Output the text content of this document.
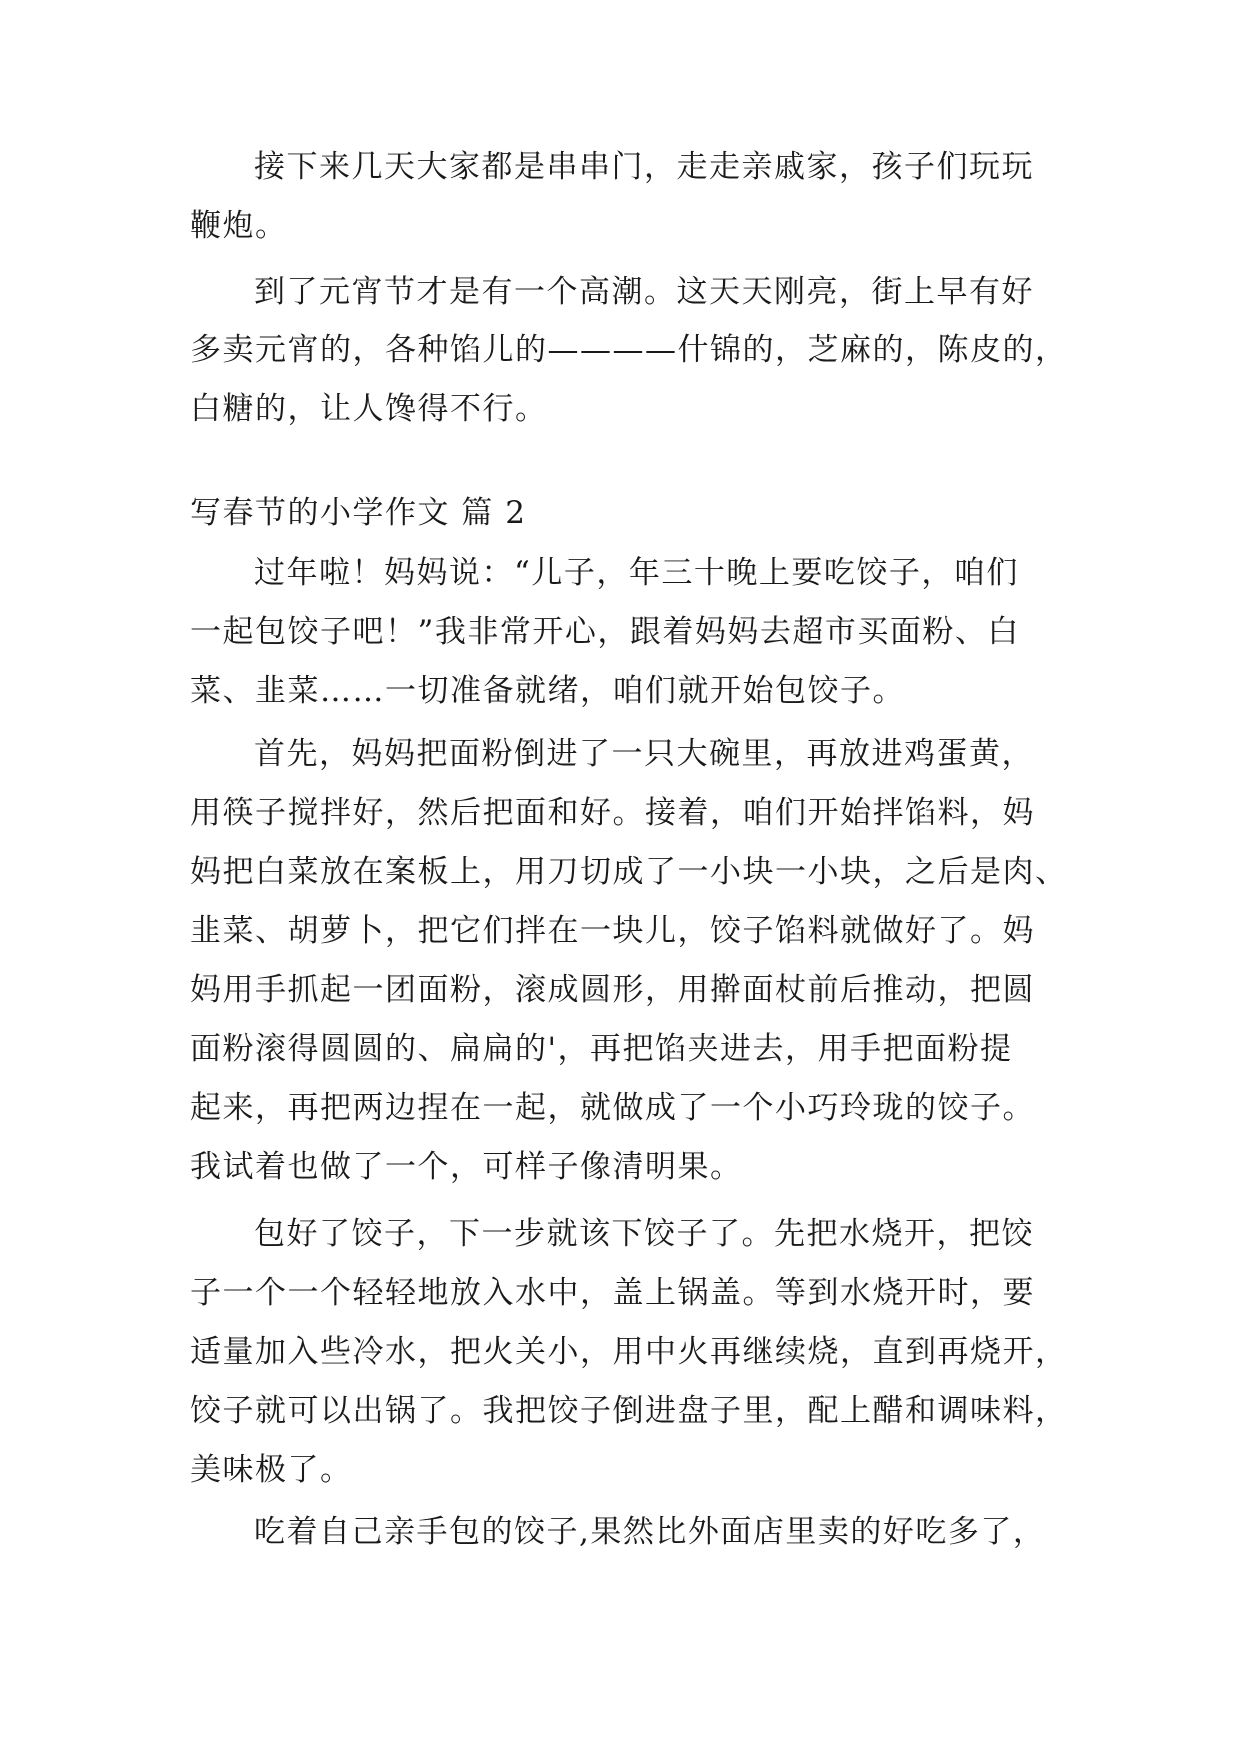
接下来几天大家都是串串门，走走亲戚家，孩子们玩玩
鞭炮。
到了元宵节才是有一个高潮。这天天刚亮，街上早有好
多卖元宵的，各种馅儿的————什锦的，芝麻的，陈皮的，
白糖的，让人馋得不行。
写春节的小学作文 篇 2
过年啦！妈妈说：“儿子，年三十晚上要吃饺子，咱们
一起包饺子吧！”我非常开心，跟着妈妈去超市买面粉、白
菜、韭菜……一切准备就绪，咱们就开始包饺子。
首先，妈妈把面粉倒进了一只大碗里，再放进鸡蛋黄，
用筷子搅拌好，然后把面和好。接着，咱们开始拌馅料，妈
妈把白菜放在案板上，用刀切成了一小块一小块，之后是肉、
韭菜、胡萝卜，把它们拌在一块儿，饺子馅料就做好了。妈
妈用手抓起一团面粉，滚成圆形，用擀面杖前后推动，把圆
面粉滚得圆圆的、扁扁的'，再把馅夹进去，用手把面粉提
起来，再把两边捏在一起，就做成了一个小巧玲珑的饺子。
我试着也做了一个，可样子像清明果。
包好了饺子，下一步就该下饺子了。先把水烧开，把饺
子一个一个轻轻地放入水中，盖上锅盖。等到水烧开时，要
适量加入些冷水，把火关小，用中火再继续烧，直到再烧开，
饺子就可以出锅了。我把饺子倒进盘子里，配上醋和调味料，
美味极了。
吃着自己亲手包的饺子,果然比外面店里卖的好吃多了，
